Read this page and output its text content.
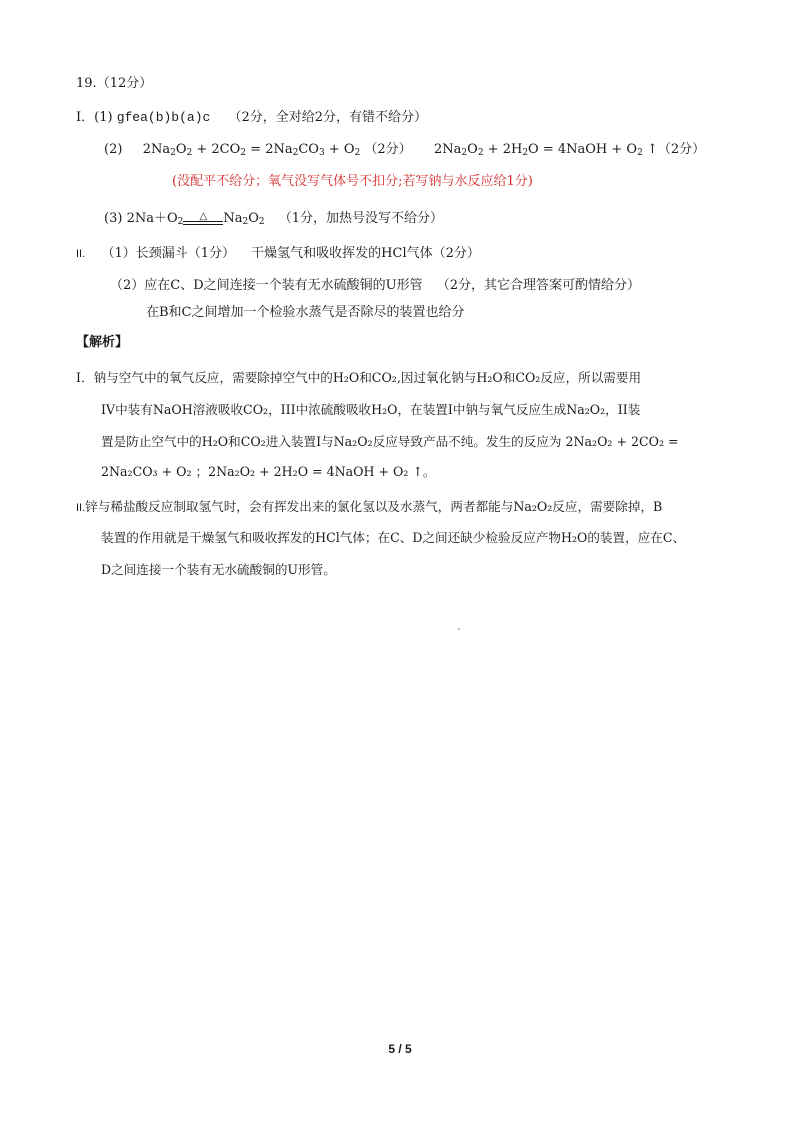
19.（12分）
Ⅰ．(1) gfea(b)b(a)c （2分，全对给2分，有错不给分）
(2) $2Na_2O_2 + 2CO_2 = 2Na_2CO_3 + O_2$ （2分） $2Na_2O_2 + 2H_2O$ = 4NaOH + $O_2$ ↑（2分）
(没配平不给分；氧气没写气体号不扣分;若写钠与水反应给1分)
(3) $2Na+O_2$	△	$Na_2O_2$ （1分，加热号没写不给分）
II. （1）长颈漏斗（1分） 干燥氢气和吸收挥发的HCl气体（2分）
（2）应在C、D之间连接一个装有无水硫酸铜的U形管 （2分，其它合理答案可酌情给分）
在B和C之间增加一个检验水蒸气是否除尽的装置也给分
【解析】
Ⅰ．钠与空气中的氧气反应，需要除掉空气中的H₂O和CO₂,因过氧化钠与H₂O和CO₂反应，所以需要用
IV中装有NaOH溶液吸收CO₂，III中浓硫酸吸收H₂O，在装置Ⅰ中钠与氧气反应生成Na₂O₂，II装
置是防止空气中的H₂O和CO₂进入装置Ⅰ与Na₂O₂反应导致产品不纯。发生的反应为 2Na₂O₂ + 2CO₂ =
2Na₂CO₃ + O₂ ；2Na₂O₂ + 2H₂O = 4NaOH + O₂ ↑。
II.锌与稀盐酸反应制取氢气时，会有挥发出来的氯化氢以及水蒸气，两者都能与Na₂O₂反应，需要除掉，B
装置的作用就是干燥氢气和吸收挥发的HCl气体；在C、D之间还缺少检验反应产物H₂O的装置，应在C、
D之间连接一个装有无水硫酸铜的U形管。
5 / 5
